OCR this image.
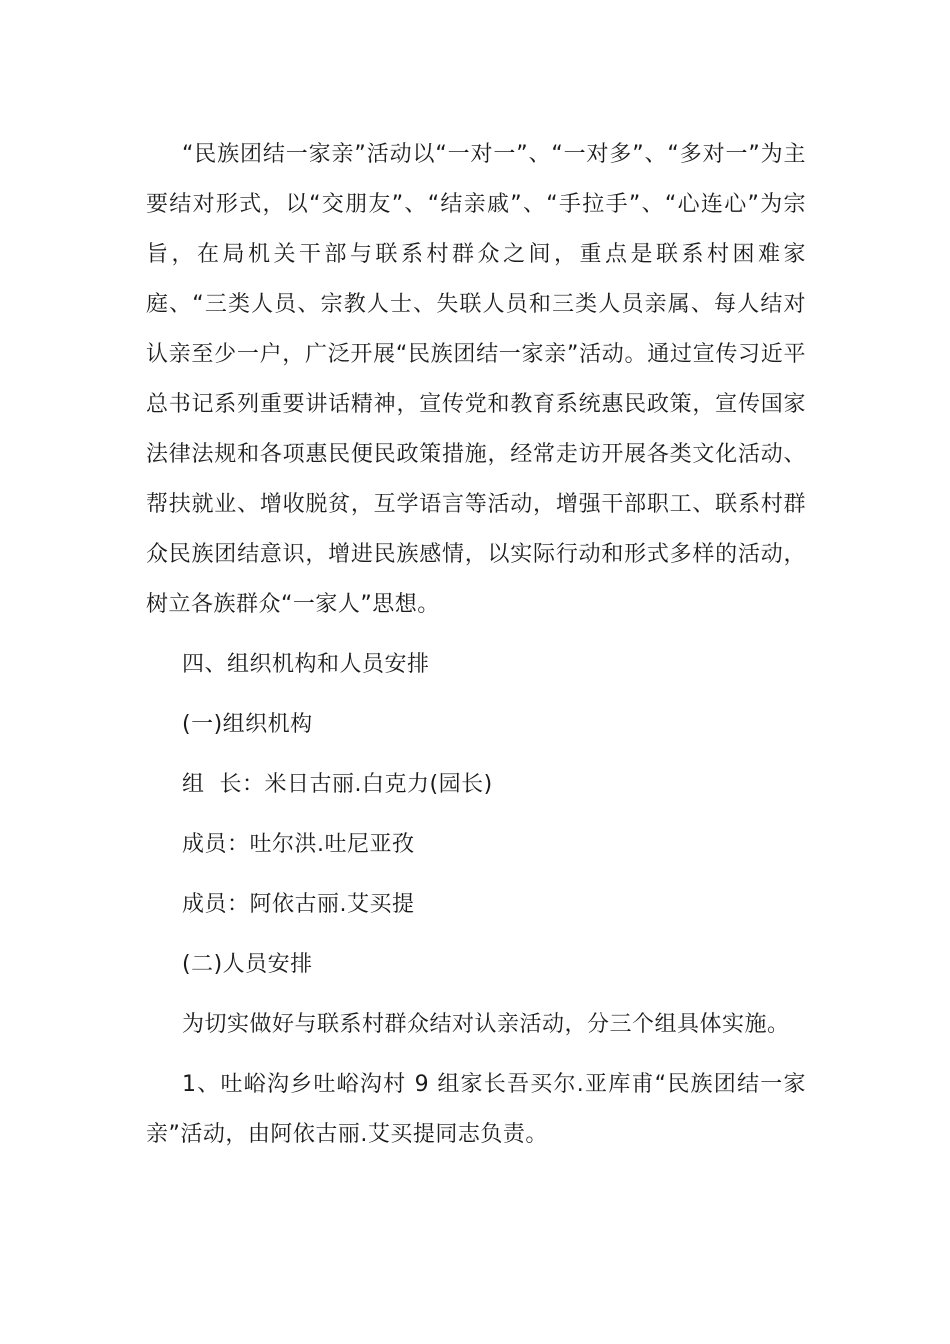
“民族团结一家亲”活动以“一对一”、“一对多”、“多对一”为主要结对形式，以“交朋友”、“结亲戚”、“手拉手”、“心连心”为宗旨，在局机关干部与联系村群众之间，重点是联系村困难家庭、“三类人员、宗教人士、失联人员和三类人员亲属、每人结对认亲至少一户，广泛开展“民族团结一家亲”活动。通过宣传习近平总书记系列重要讲话精神，宣传党和教育系统惠民政策，宣传国家法律法规和各项惠民便民政策措施，经常走访开展各类文化活动、帮扶就业、增收脱贫，互学语言等活动，增强干部职工、联系村群众民族团结意识，增进民族感情，以实际行动和形式多样的活动，树立各族群众“一家人”思想。

四、组织机构和人员安排

(一)组织机构

组  长：米日古丽.白克力(园长)

成员：吐尔洪.吐尼亚孜

成员：阿依古丽.艾买提

(二)人员安排

为切实做好与联系村群众结对认亲活动，分三个组具体实施。

1、吐峪沟乡吐峪沟村 9 组家长吾买尔.亚库甫“民族团结一家亲”活动，由阿依古丽.艾买提同志负责。
